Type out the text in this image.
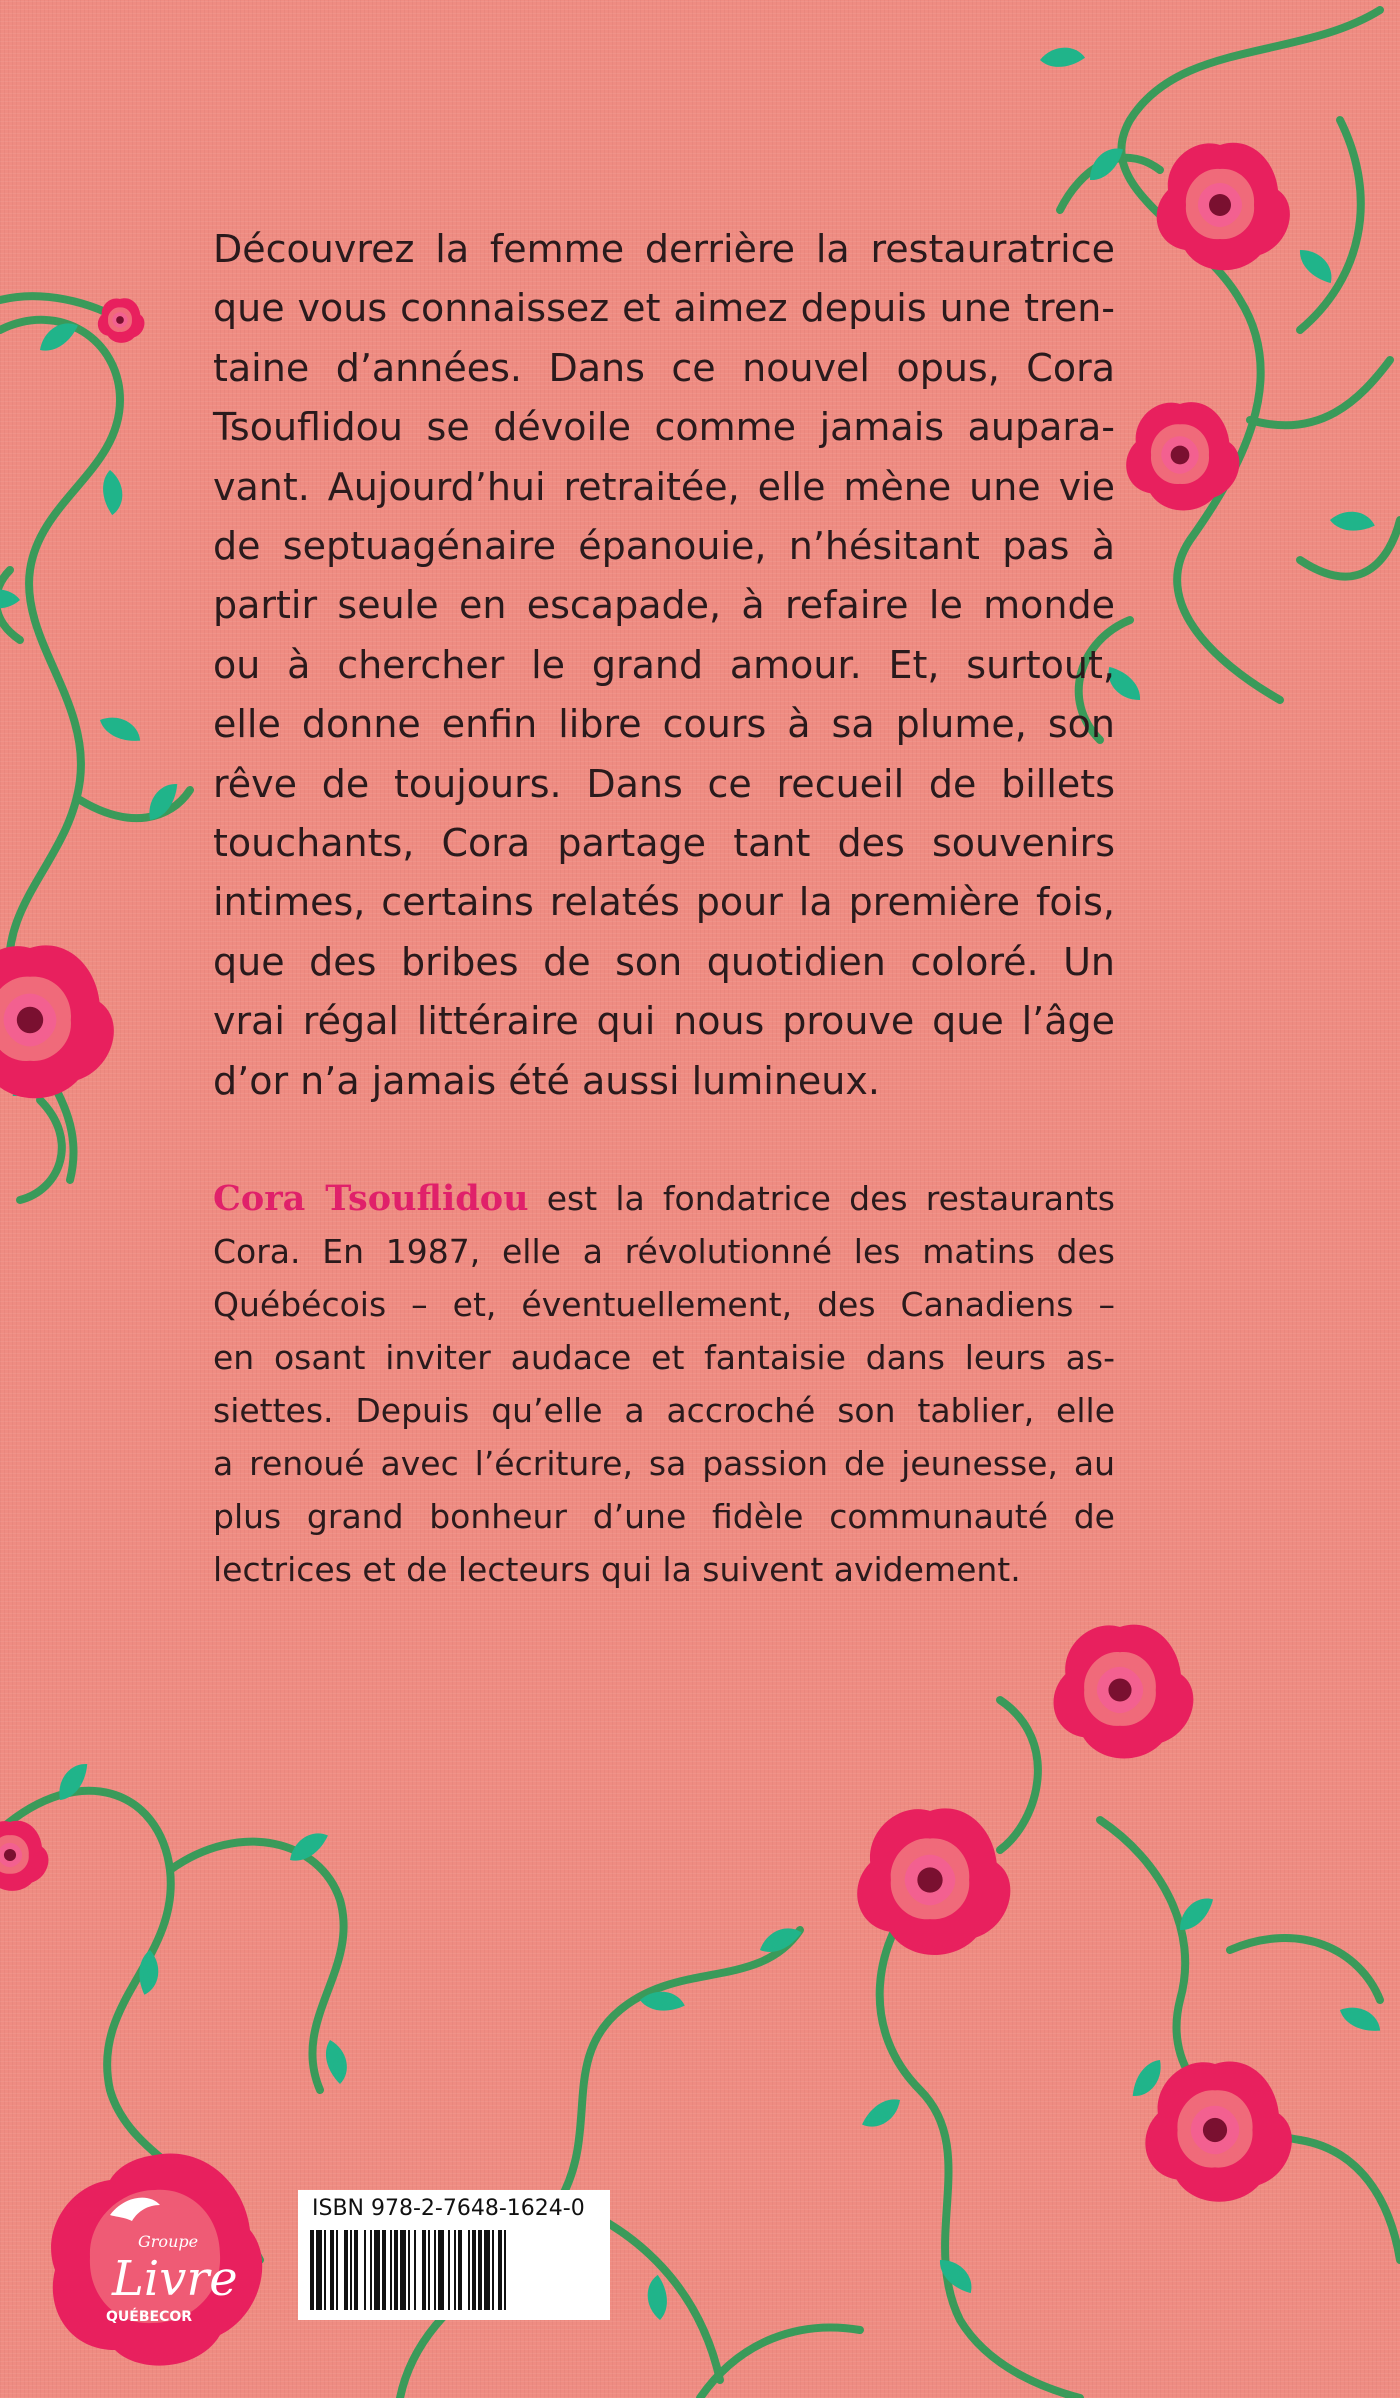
Découvrez la femme derrière la restauratrice
que vous connaissez et aimez depuis une tren-
taine d’années. Dans ce nouvel opus, Cora
Tsouflidou se dévoile comme jamais aupara-
vant. Aujourd’hui retraitée, elle mène une vie
de septuagénaire épanouie, n’hésitant pas à
partir seule en escapade, à refaire le monde
ou à chercher le grand amour. Et, surtout,
elle donne enfin libre cours à sa plume, son
rêve de toujours. Dans ce recueil de billets
touchants, Cora partage tant des souvenirs
intimes, certains relatés pour la première fois,
que des bribes de son quotidien coloré. Un
vrai régal littéraire qui nous prouve que l’âge
d’or n’a jamais été aussi lumineux.
Cora Tsouflidou est la fondatrice des restaurants
Cora. En 1987, elle a révolutionné les matins des
Québécois – et, éventuellement, des Canadiens –
en osant inviter audace et fantaisie dans leurs as-
siettes. Depuis qu’elle a accroché son tablier, elle
a renoué avec l’écriture, sa passion de jeunesse, au
plus grand bonheur d’une fidèle communauté de
lectrices et de lecteurs qui la suivent avidement.
Groupe
Livre
QUÉBECOR
ISBN 978-2-7648-1624-0
